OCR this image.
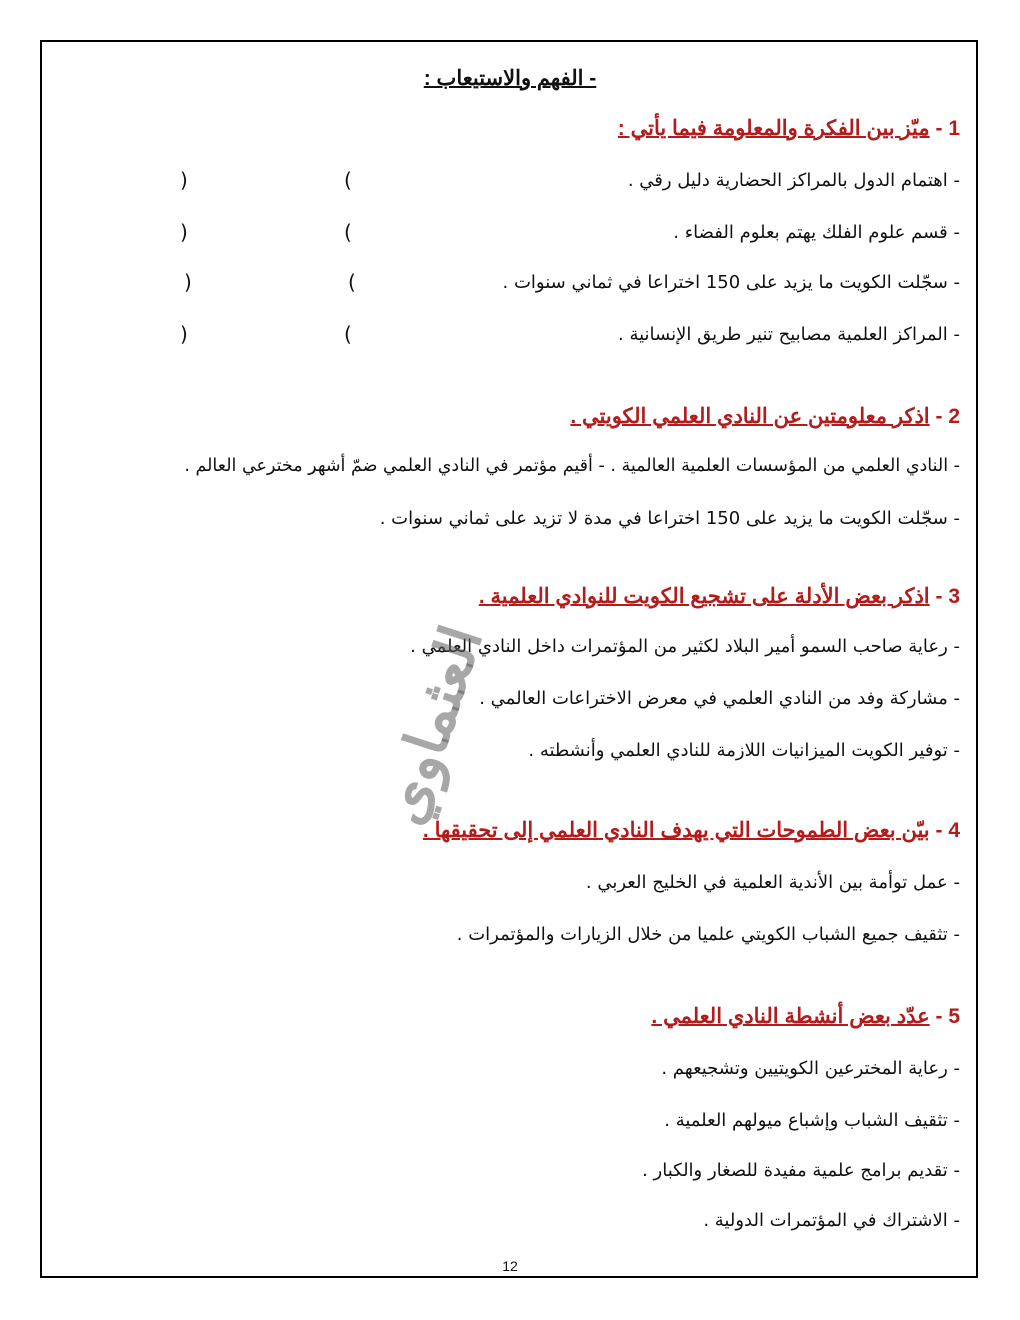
- الفهم والاستيعاب :
1 - ميّز بين الفكرة والمعلومة فيما يأتي :
- اهتمام الدول بالمراكز الحضارية دليل رقي .
- قسم علوم الفلك يهتم بعلوم الفضاء .
- سجّلت الكويت ما يزيد على 150 اختراعا في ثماني سنوات .
- المراكز العلمية مصابيح تنير طريق الإنسانية .
(
)
(
)
(
)
(
)
2 - اذكر معلومتين عن النادي العلمي الكويتي .
- النادي العلمي من المؤسسات العلمية العالمية . - أقيم مؤتمر في النادي العلمي ضمّ أشهر مخترعي العالم .
- سجّلت الكويت ما يزيد على 150 اختراعا في مدة لا تزيد على ثماني سنوات .
3 - اذكر بعض الأدلة على تشجيع الكويت للنوادي العلمية .
- رعاية صاحب السمو أمير البلاد لكثير من المؤتمرات داخل النادي العلمي .
- مشاركة وفد من النادي العلمي في معرض الاختراعات العالمي .
- توفير الكويت الميزانيات اللازمة للنادي العلمي وأنشطته .
4 - بيّن بعض الطموحات التي يهدف النادي العلمي إلى تحقيقها .
- عمل توأمة بين الأندية العلمية في الخليج العربي .
- تثقيف جميع الشباب الكويتي علميا من خلال الزيارات والمؤتمرات .
5 - عدّد بعض أنشطة النادي العلمي .
- رعاية المخترعين الكويتيين وتشجيعهم .
- تثقيف الشباب وإشباع ميولهم العلمية .
- تقديم برامج علمية مفيدة للصغار والكبار .
- الاشتراك في المؤتمرات الدولية .
العثماوي
12
